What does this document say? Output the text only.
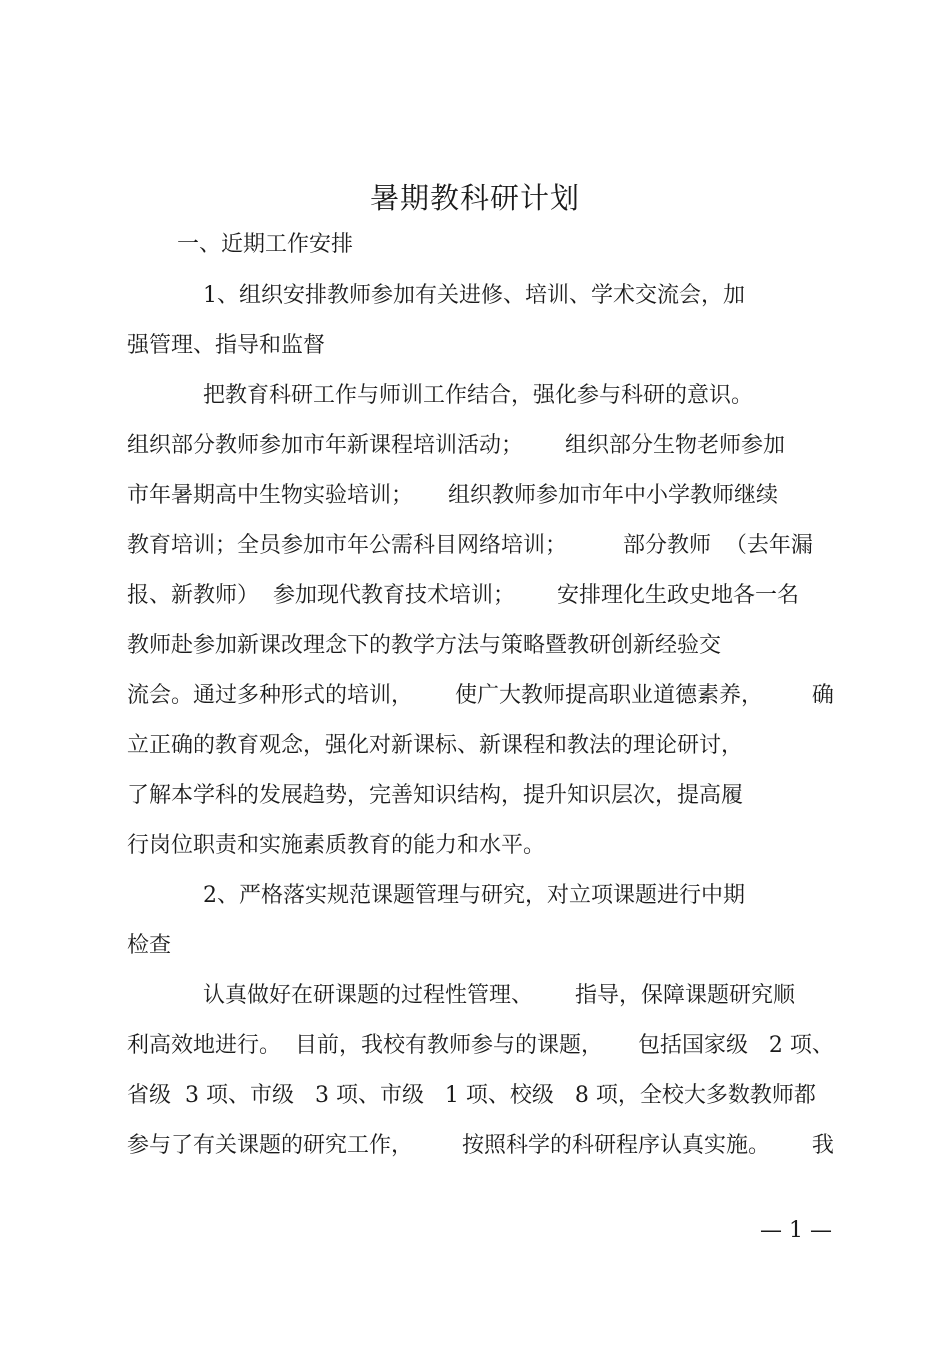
暑期教科研计划
一、近期工作安排
1、组织安排教师参加有关进修、培训、学术交流会，加
强管理、指导和监督
把教育科研工作与师训工作结合，强化参与科研的意识。
组织部分教师参加市年新课程培训活动；      组织部分生物老师参加
市年暑期高中生物实验培训；     组织教师参加市年中小学教师继续
教育培训；全员参加市年公需科目网络培训；        部分教师  （去年漏
报、新教师）  参加现代教育技术培训；      安排理化生政史地各一名
教师赴参加新课改理念下的教学方法与策略暨教研创新经验交
流会。通过多种形式的培训，      使广大教师提高职业道德素养，       确
立正确的教育观念，强化对新课标、新课程和教法的理论研讨，
了解本学科的发展趋势，完善知识结构，提升知识层次，提高履
行岗位职责和实施素质教育的能力和水平。
2、严格落实规范课题管理与研究，对立项课题进行中期
检查
认真做好在研课题的过程性管理、      指导，保障课题研究顺
利高效地进行。  目前，我校有教师参与的课题，     包括国家级   2 项、
省级  3 项、市级   3 项、市级   1 项、校级   8 项，全校大多数教师都
参与了有关课题的研究工作，       按照科学的科研程序认真实施。      我
— 1 —
